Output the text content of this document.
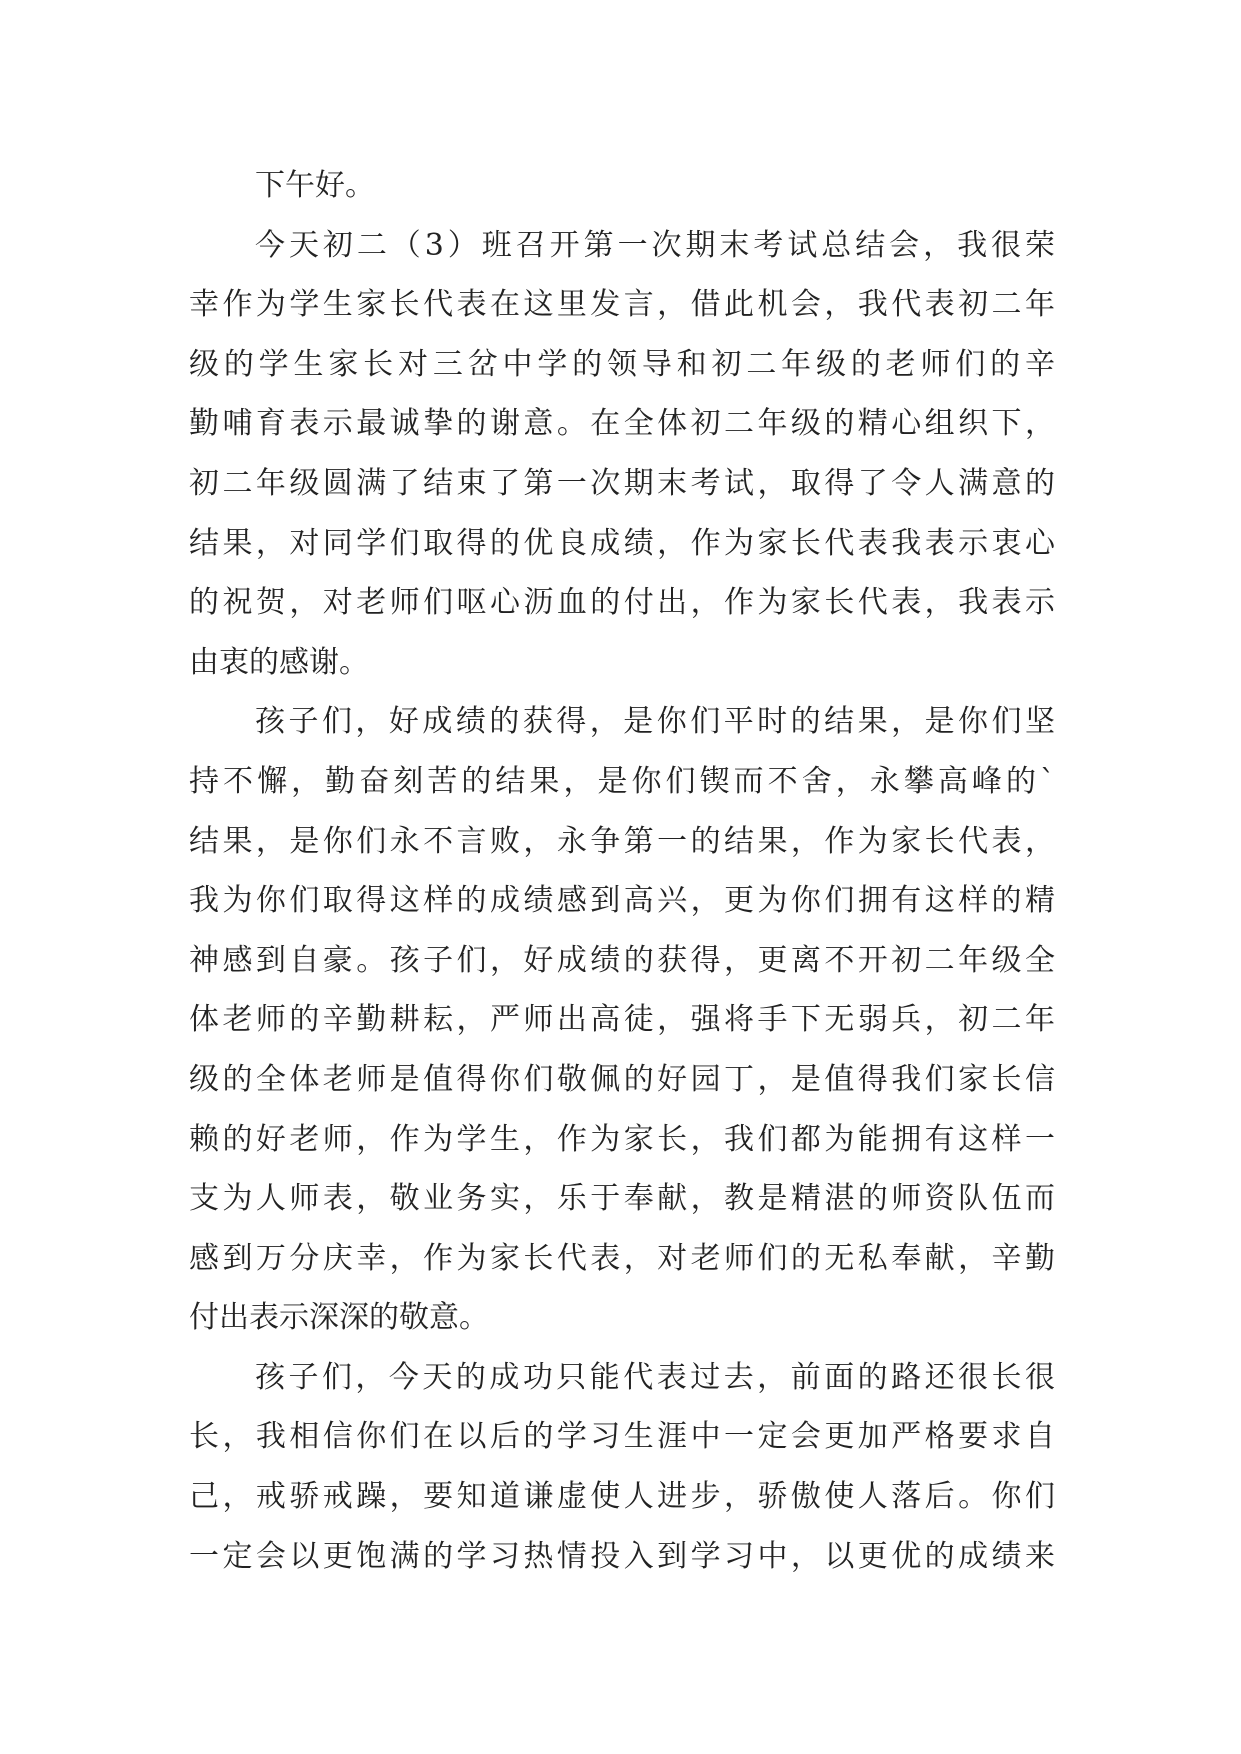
下午好。
今天初二（3）班召开第一次期末考试总结会，我很荣
幸作为学生家长代表在这里发言，借此机会，我代表初二年
级的学生家长对三岔中学的领导和初二年级的老师们的辛
勤哺育表示最诚挚的谢意。在全体初二年级的精心组织下，
初二年级圆满了结束了第一次期末考试，取得了令人满意的
结果，对同学们取得的优良成绩，作为家长代表我表示衷心
的祝贺，对老师们呕心沥血的付出，作为家长代表，我表示
由衷的感谢。
孩子们，好成绩的获得，是你们平时的结果，是你们坚
持不懈，勤奋刻苦的结果，是你们锲而不舍，永攀高峰的`
结果，是你们永不言败，永争第一的结果，作为家长代表，
我为你们取得这样的成绩感到高兴，更为你们拥有这样的精
神感到自豪。孩子们，好成绩的获得，更离不开初二年级全
体老师的辛勤耕耘，严师出高徒，强将手下无弱兵，初二年
级的全体老师是值得你们敬佩的好园丁，是值得我们家长信
赖的好老师，作为学生，作为家长，我们都为能拥有这样一
支为人师表，敬业务实，乐于奉献，教是精湛的师资队伍而
感到万分庆幸，作为家长代表，对老师们的无私奉献，辛勤
付出表示深深的敬意。
孩子们，今天的成功只能代表过去，前面的路还很长很
长，我相信你们在以后的学习生涯中一定会更加严格要求自
己，戒骄戒躁，要知道谦虚使人进步，骄傲使人落后。你们
一定会以更饱满的学习热情投入到学习中，以更优的成绩来
